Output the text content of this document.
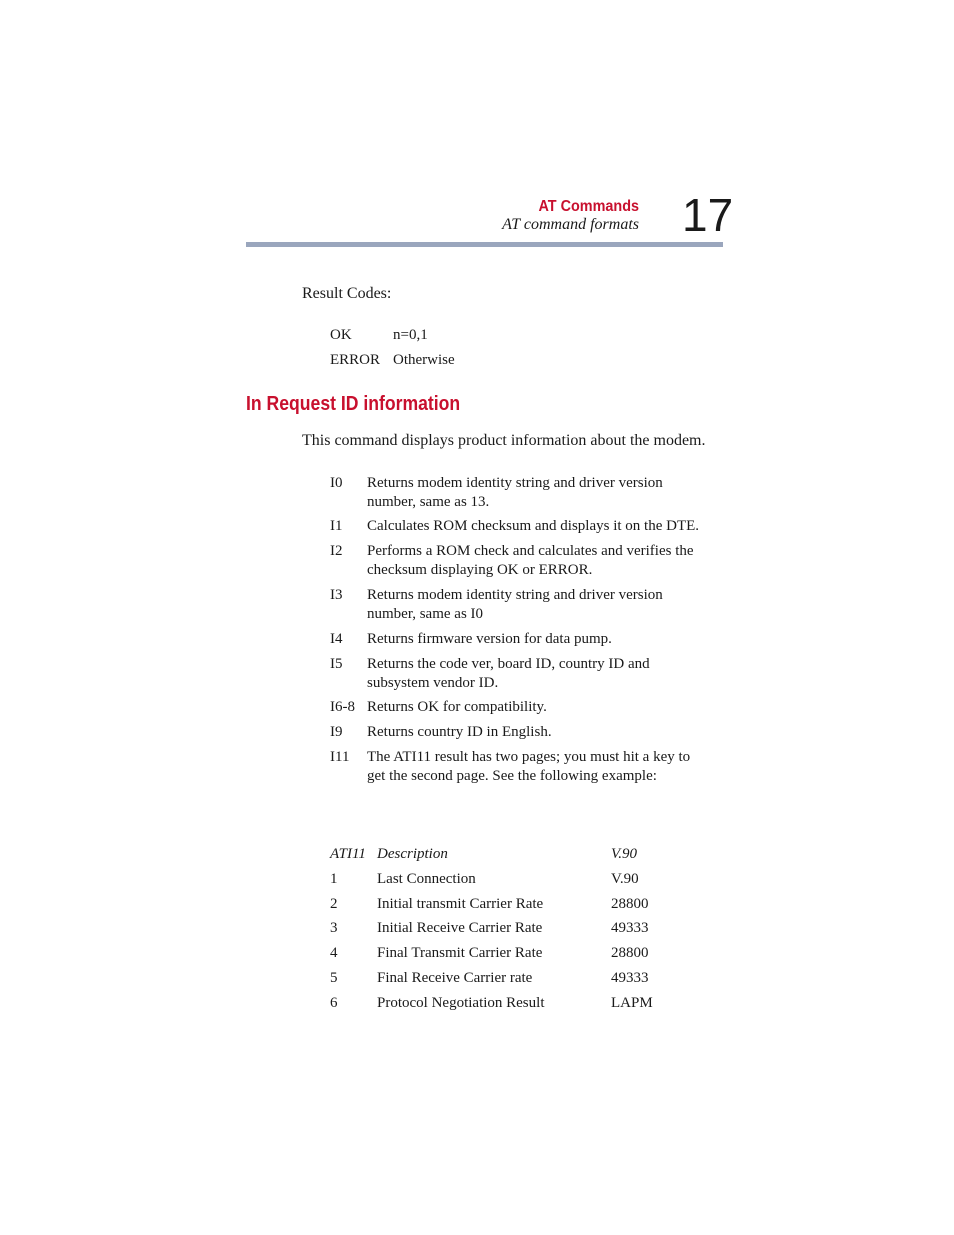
AT Commands
AT command formats 17
Result Codes:
OK	n=0,1
ERROR Otherwise
In Request ID information
This command displays product information about the modem.
I0 Returns modem identity string and driver version number, same as 13.
I1 Calculates ROM checksum and displays it on the DTE.
I2 Performs a ROM check and calculates and verifies the checksum displaying OK or ERROR.
I3 Returns modem identity string and driver version number, same as I0
I4 Returns firmware version for data pump.
I5 Returns the code ver, board ID, country ID and subsystem vendor ID.
I6-8 Returns OK for compatibility.
I9 Returns country ID in English.
I11 The ATI11 result has two pages; you must hit a key to get the second page. See the following example:
ATI11 Description	V.90
1	Last Connection	V.90
2	Initial transmit Carrier Rate	28800
3	Initial Receive Carrier Rate	49333
4	Final Transmit Carrier Rate	28800
5	Final Receive Carrier rate	49333
6	Protocol Negotiation Result	LAPM
